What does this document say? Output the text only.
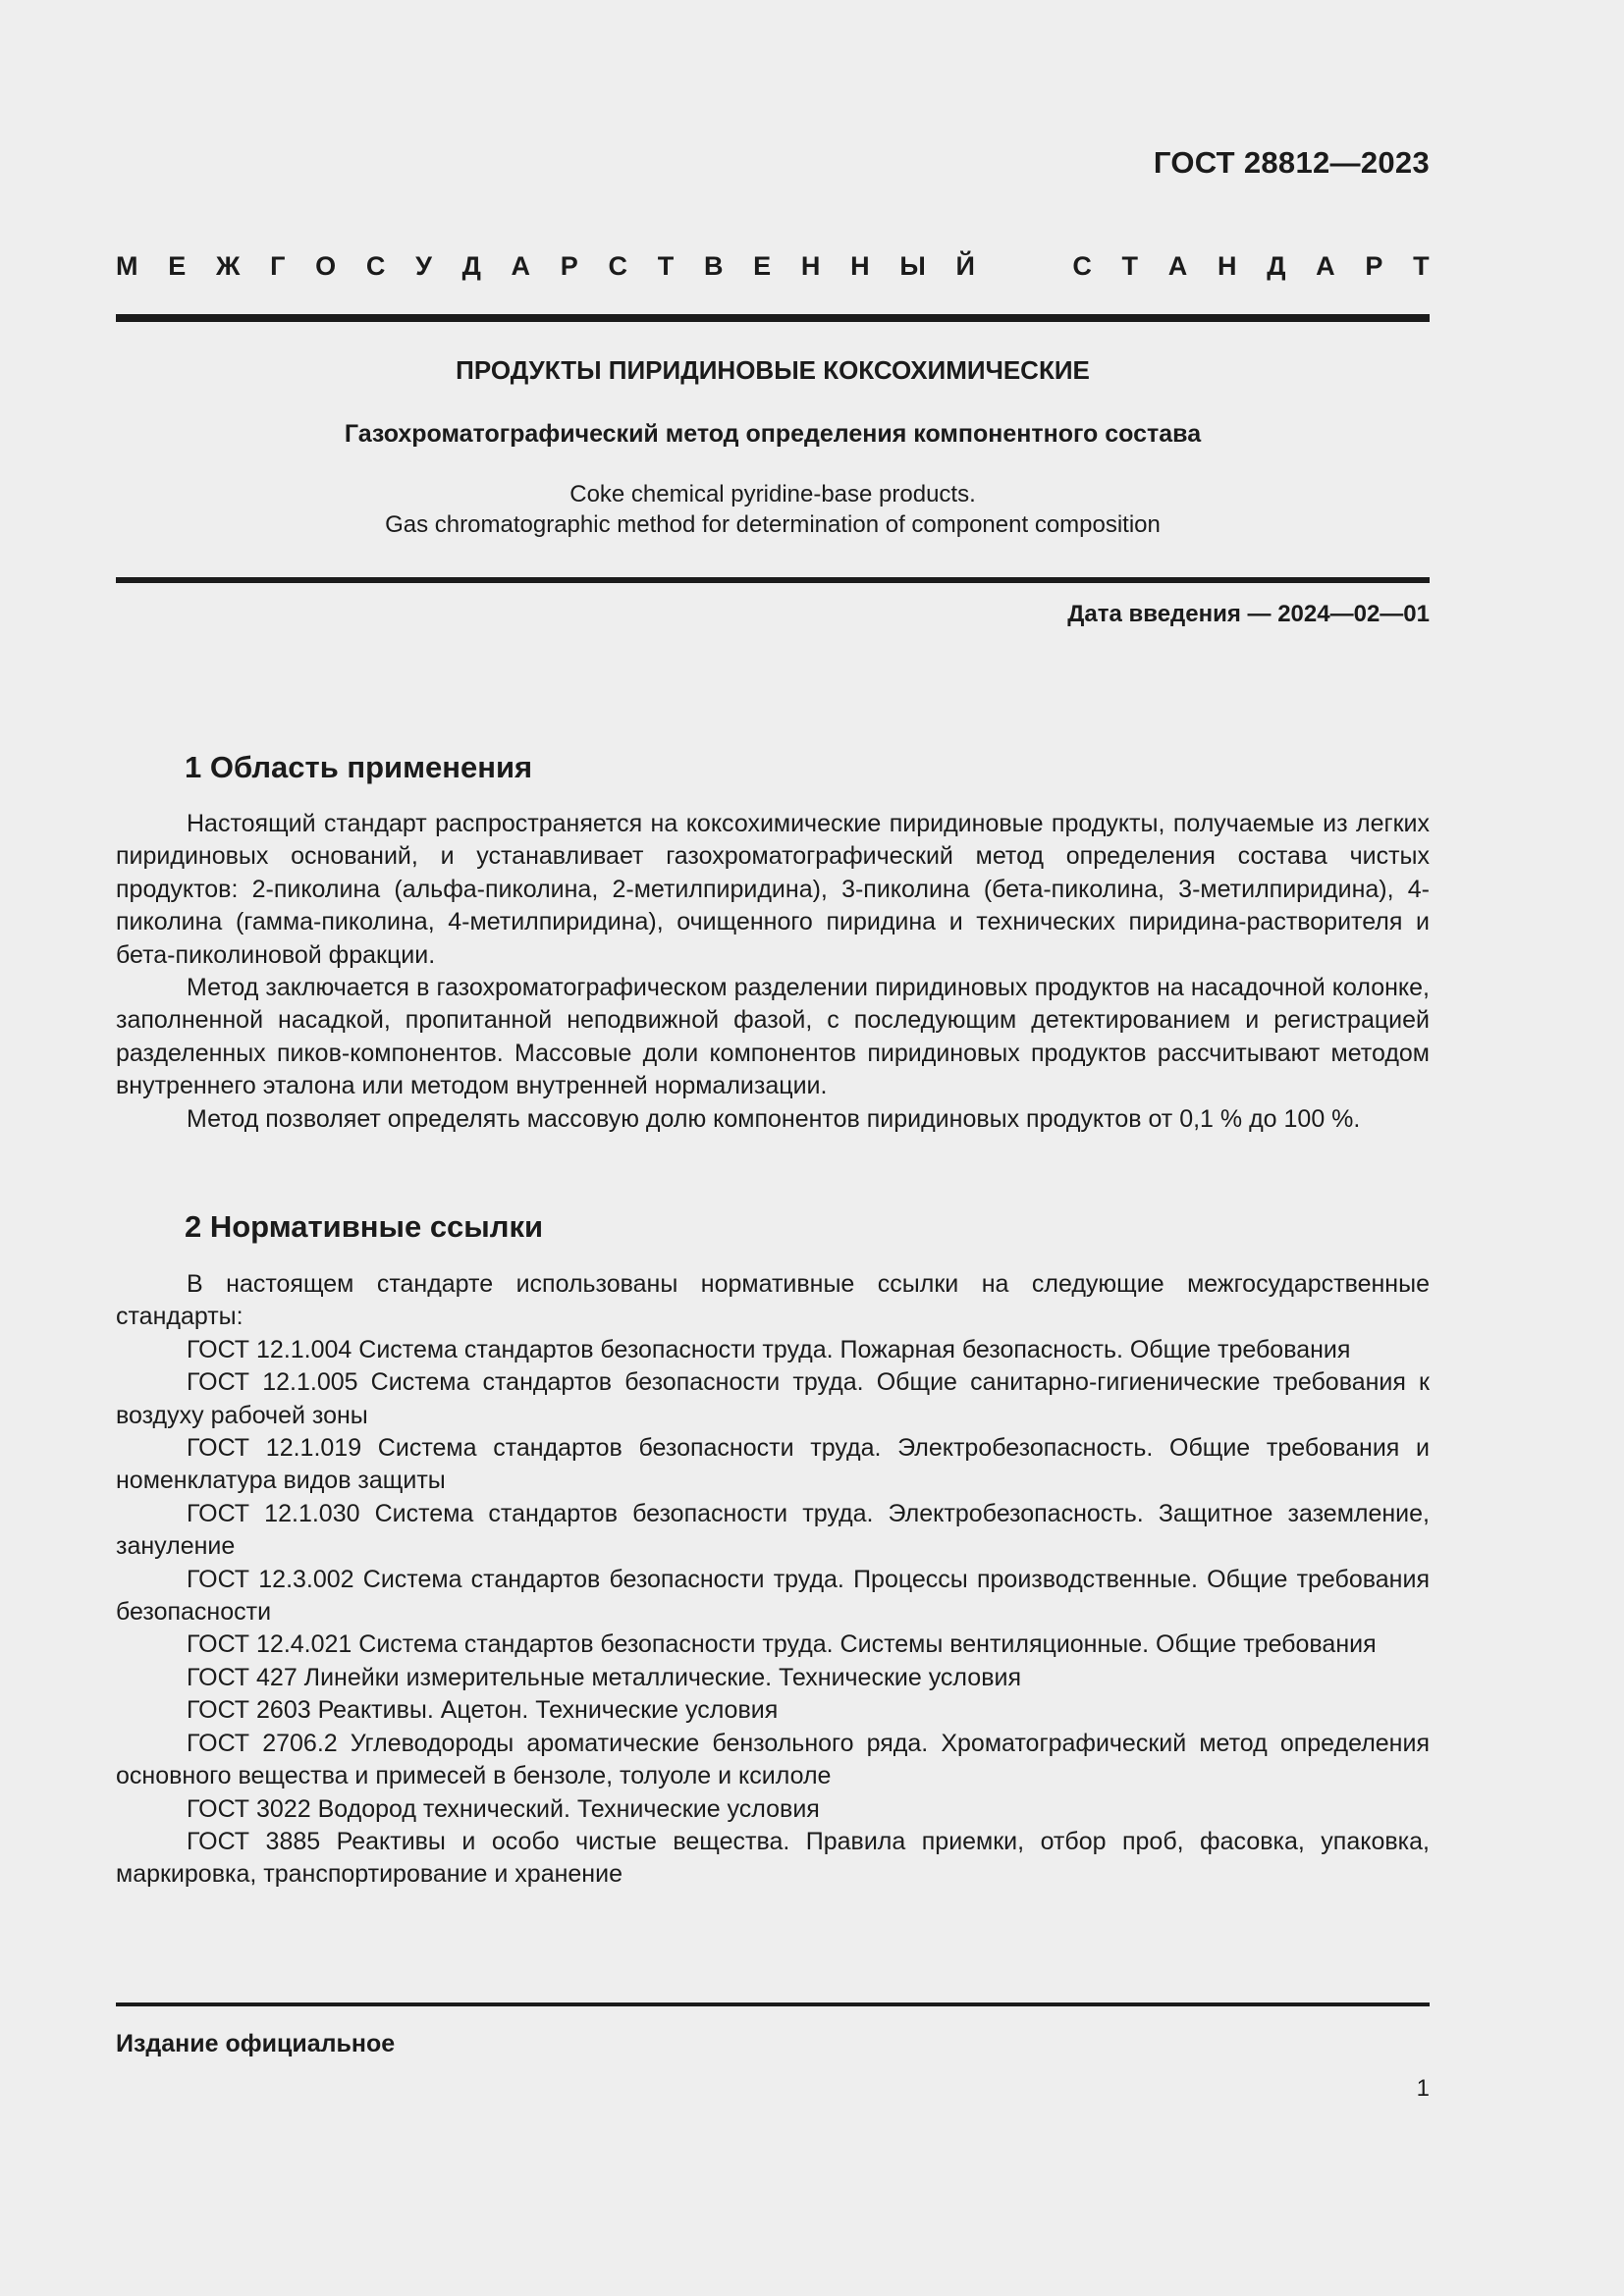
ГОСТ 28812—2023
М Е Ж Г О С У Д А Р С Т В Е Н Н Ы Й	С Т А Н Д А Р Т
ПРОДУКТЫ ПИРИДИНОВЫЕ КОКСОХИМИЧЕСКИЕ
Газохроматографический метод определения компонентного состава
Coke chemical pyridine-base products.
Gas chromatographic method for determination of component composition
Дата введения — 2024—02—01
1 Область применения

Настоящий стандарт распространяется на коксохимические пиридиновые продукты, получаемые из легких пиридиновых оснований, и устанавливает газохроматографический метод определения состава чистых продуктов: 2-пиколина (альфа-пиколина, 2-метилпиридина), 3-пиколина (бета-пиколина, 3-метилпиридина), 4-пиколина (гамма-пиколина, 4-метилпиридина), очищенного пиридина и технических пиридина-растворителя и бета-пиколиновой фракции.

Метод заключается в газохроматографическом разделении пиридиновых продуктов на насадочной колонке, заполненной насадкой, пропитанной неподвижной фазой, с последующим детектированием и регистрацией разделенных пиков-компонентов. Массовые доли компонентов пиридиновых продуктов рассчитывают методом внутреннего эталона или методом внутренней нормализации.

Метод позволяет определять массовую долю компонентов пиридиновых продуктов от 0,1 % до 100 %.

2 Нормативные ссылки

В настоящем стандарте использованы нормативные ссылки на следующие межгосударственные стандарты:

ГОСТ 12.1.004 Система стандартов безопасности труда. Пожарная безопасность. Общие требования

ГОСТ 12.1.005 Система стандартов безопасности труда. Общие санитарно-гигиенические требования к воздуху рабочей зоны

ГОСТ 12.1.019 Система стандартов безопасности труда. Электробезопасность. Общие требования и номенклатура видов защиты

ГОСТ 12.1.030 Система стандартов безопасности труда. Электробезопасность. Защитное заземление, зануление

ГОСТ 12.3.002 Система стандартов безопасности труда. Процессы производственные. Общие требования безопасности

ГОСТ 12.4.021 Система стандартов безопасности труда. Системы вентиляционные. Общие требования

ГОСТ 427 Линейки измерительные металлические. Технические условия

ГОСТ 2603 Реактивы. Ацетон. Технические условия

ГОСТ 2706.2 Углеводороды ароматические бензольного ряда. Хроматографический метод определения основного вещества и примесей в бензоле, толуоле и ксилоле

ГОСТ 3022 Водород технический. Технические условия

ГОСТ 3885 Реактивы и особо чистые вещества. Правила приемки, отбор проб, фасовка, упаковка, маркировка, транспортирование и хранение

Издание официальное
1
